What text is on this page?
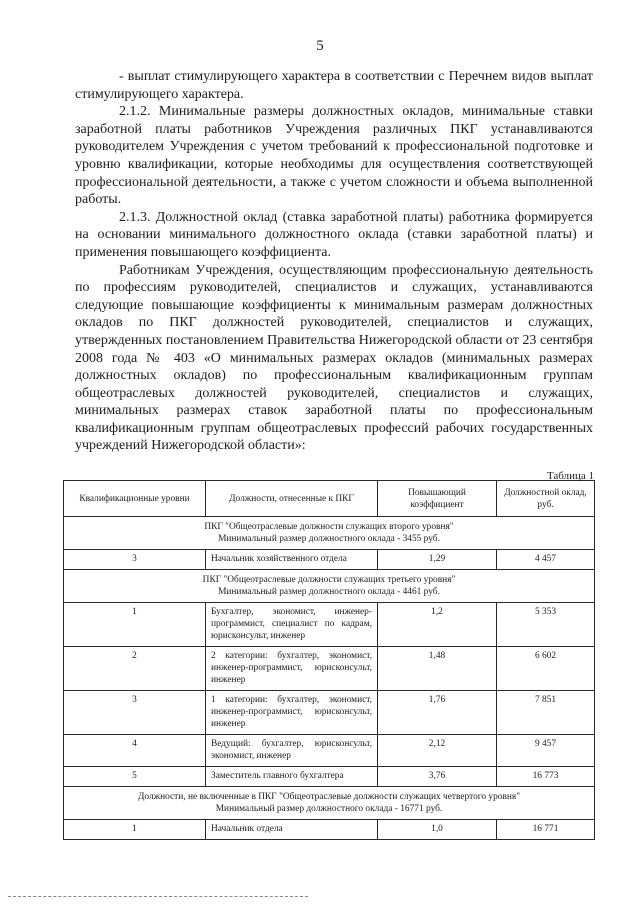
5

- выплат стимулирующего характера в соответствии с Перечнем видов выплат стимулирующего характера.

2.1.2. Минимальные размеры должностных окладов, минимальные ставки заработной платы работников Учреждения различных ПКГ устанавливаются руководителем Учреждения с учетом требований к профессиональной подготовке и уровню квалификации, которые необходимы для осуществления соответствующей профессиональной деятельности, а также с учетом сложности и объема выполненной работы.

2.1.3. Должностной оклад (ставка заработной платы) работника формируется на основании минимального должностного оклада (ставки заработной платы) и применения повышающего коэффициента.

Работникам Учреждения, осуществляющим профессиональную деятельность по профессиям руководителей, специалистов и служащих, устанавливаются следующие повышающие коэффициенты к минимальным размерам должностных окладов по ПКГ должностей руководителей, специалистов и служащих, утвержденных постановлением Правительства Нижегородской области от 23 сентября 2008 года № 403 «О минимальных размерах окладов (минимальных размерах должностных окладов) по профессиональным квалификационным группам общеотраслевых должностей руководителей, специалистов и служащих, минимальных размерах ставок заработной платы по профессиональным квалификационным группам общеотраслевых профессий рабочих государственных учреждений Нижегородской области»:

Таблица 1
Квалификационные уровни	Должности, отнесенные к ПКГ	Повышающий коэффициент	Должностной оклад, руб.

ПКГ "Общеотраслевые должности служащих второго уровня"
Минимальный размер должностного оклада - 3455 руб.			

3	Начальник хозяйственного отдела	1,29	4 457

ПКГ "Общеотраслевые должности служащих третьего уровня"
Минимальный размер должностного оклада - 4461 руб.			

1	Бухгалтер, экономист, инженер-программист, специалист по кадрам, юрисконсульт, инженер	1,2	5 353
2	2 категории: бухгалтер, экономист, инженер-программист, юрисконсульт, инженер	1,48	6 602
3	1 категории: бухгалтер, экономист, инженер-программист, юрисконсульт, инженер	1,76	7 851
4	Ведущий: бухгалтер, юрисконсульт, экономист, инженер	2,12	9 457
5	Заместитель главного бухгалтера	3,76	16 773

Должности, не включенные в ПКГ "Общеотраслевые должности служащих четвертого уровня"
Минимальный размер должностного оклада - 16771 руб.			

1	Начальник отдела	1,0	16 771
